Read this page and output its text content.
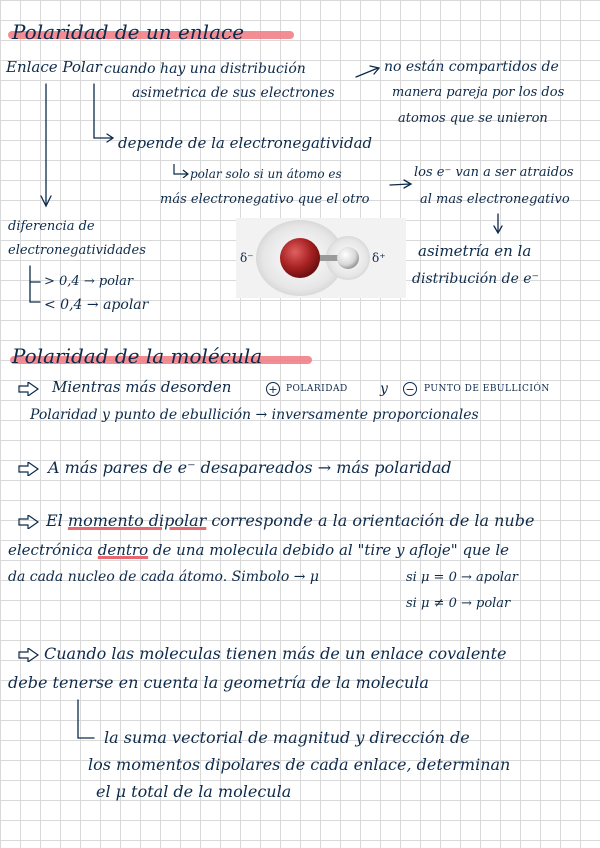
Polaridad de un enlace
Enlace Polar cuando hay una distribución
asimetrica de sus electrones
no están compartidos de
manera pareja por los dos
atomos que se unieron
depende de la electronegatividad
polar solo si un átomo es
más electronegativo que el otro
los e⁻ van a ser atraidos
al mas electronegativo
asimetría en la
distribución de e⁻
diferencia de
electronegatividades
> 0,4 → polar
< 0,4 → apolar
δ⁻	δ⁺
Polaridad de la molécula
Mientras más desorden	+ POLARIDAD y − PUNTO DE EBULLICIÓN
Polaridad y punto de ebullición → inversamente proporcionales
A más pares de e⁻ desapareados → más polaridad
El momento dipolar corresponde a la orientación de la nube
electrónica dentro de una molecula debido al "tire y afloje" que le
da cada nucleo de cada átomo. Simbolo → μ	si μ = 0 → apolar
si μ ≠ 0 → polar
Cuando las moleculas tienen más de un enlace covalente
debe tenerse en cuenta la geometría de la molecula
la suma vectorial de magnitud y dirección de
los momentos dipolares de cada enlace, determinan
el μ total de la molecula
